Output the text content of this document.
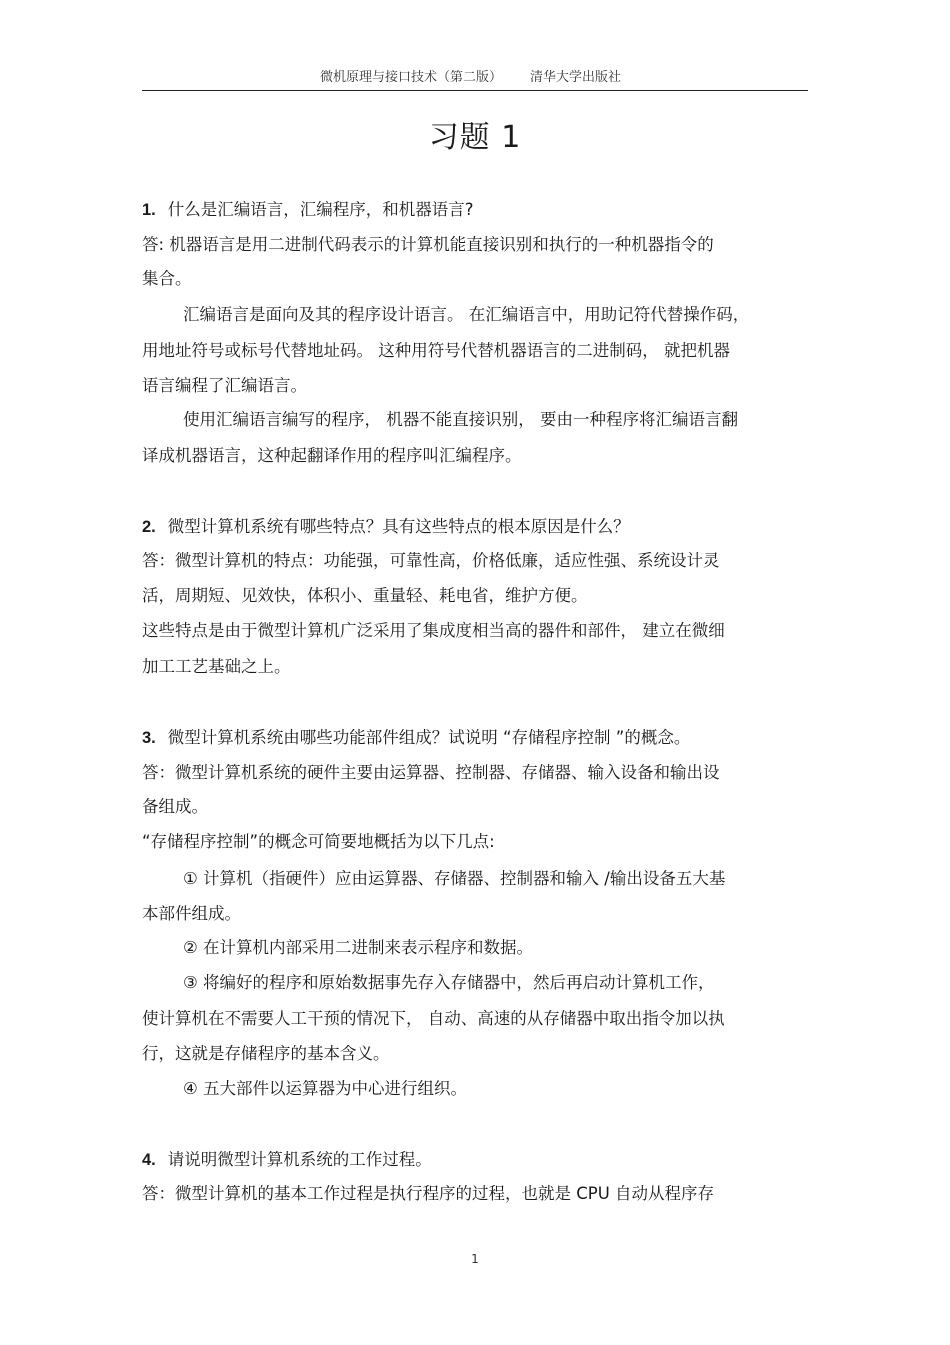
微机原理与接口技术（第二版） 清华大学出版社
习题 1
1. 什么是汇编语言，汇编程序，和机器语言?
答: 机器语言是用二进制代码表示的计算机能直接识别和执行的一种机器指令的
集合。
汇编语言是面向及其的程序设计语言。 在汇编语言中，用助记符代替操作码，
用地址符号或标号代替地址码。 这种用符号代替机器语言的二进制码， 就把机器
语言编程了汇编语言。
使用汇编语言编写的程序， 机器不能直接识别， 要由一种程序将汇编语言翻
译成机器语言，这种起翻译作用的程序叫汇编程序。
2. 微型计算机系统有哪些特点？具有这些特点的根本原因是什么？
答：微型计算机的特点：功能强，可靠性高，价格低廉，适应性强、系统设计灵
活，周期短、见效快，体积小、重量轻、耗电省，维护方便。
这些特点是由于微型计算机广泛采用了集成度相当高的器件和部件， 建立在微细
加工工艺基础之上。
3. 微型计算机系统由哪些功能部件组成？试说明 “存储程序控制 ”的概念。
答：微型计算机系统的硬件主要由运算器、控制器、存储器、输入设备和输出设
备组成。
“存储程序控制”的概念可简要地概括为以下几点:
① 计算机（指硬件）应由运算器、存储器、控制器和输入 /输出设备五大基
本部件组成。
② 在计算机内部采用二进制来表示程序和数据。
③ 将编好的程序和原始数据事先存入存储器中，然后再启动计算机工作，
使计算机在不需要人工干预的情况下， 自动、高速的从存储器中取出指令加以执
行，这就是存储程序的基本含义。
④ 五大部件以运算器为中心进行组织。
4. 请说明微型计算机系统的工作过程。
答：微型计算机的基本工作过程是执行程序的过程，也就是 CPU 自动从程序存
1
